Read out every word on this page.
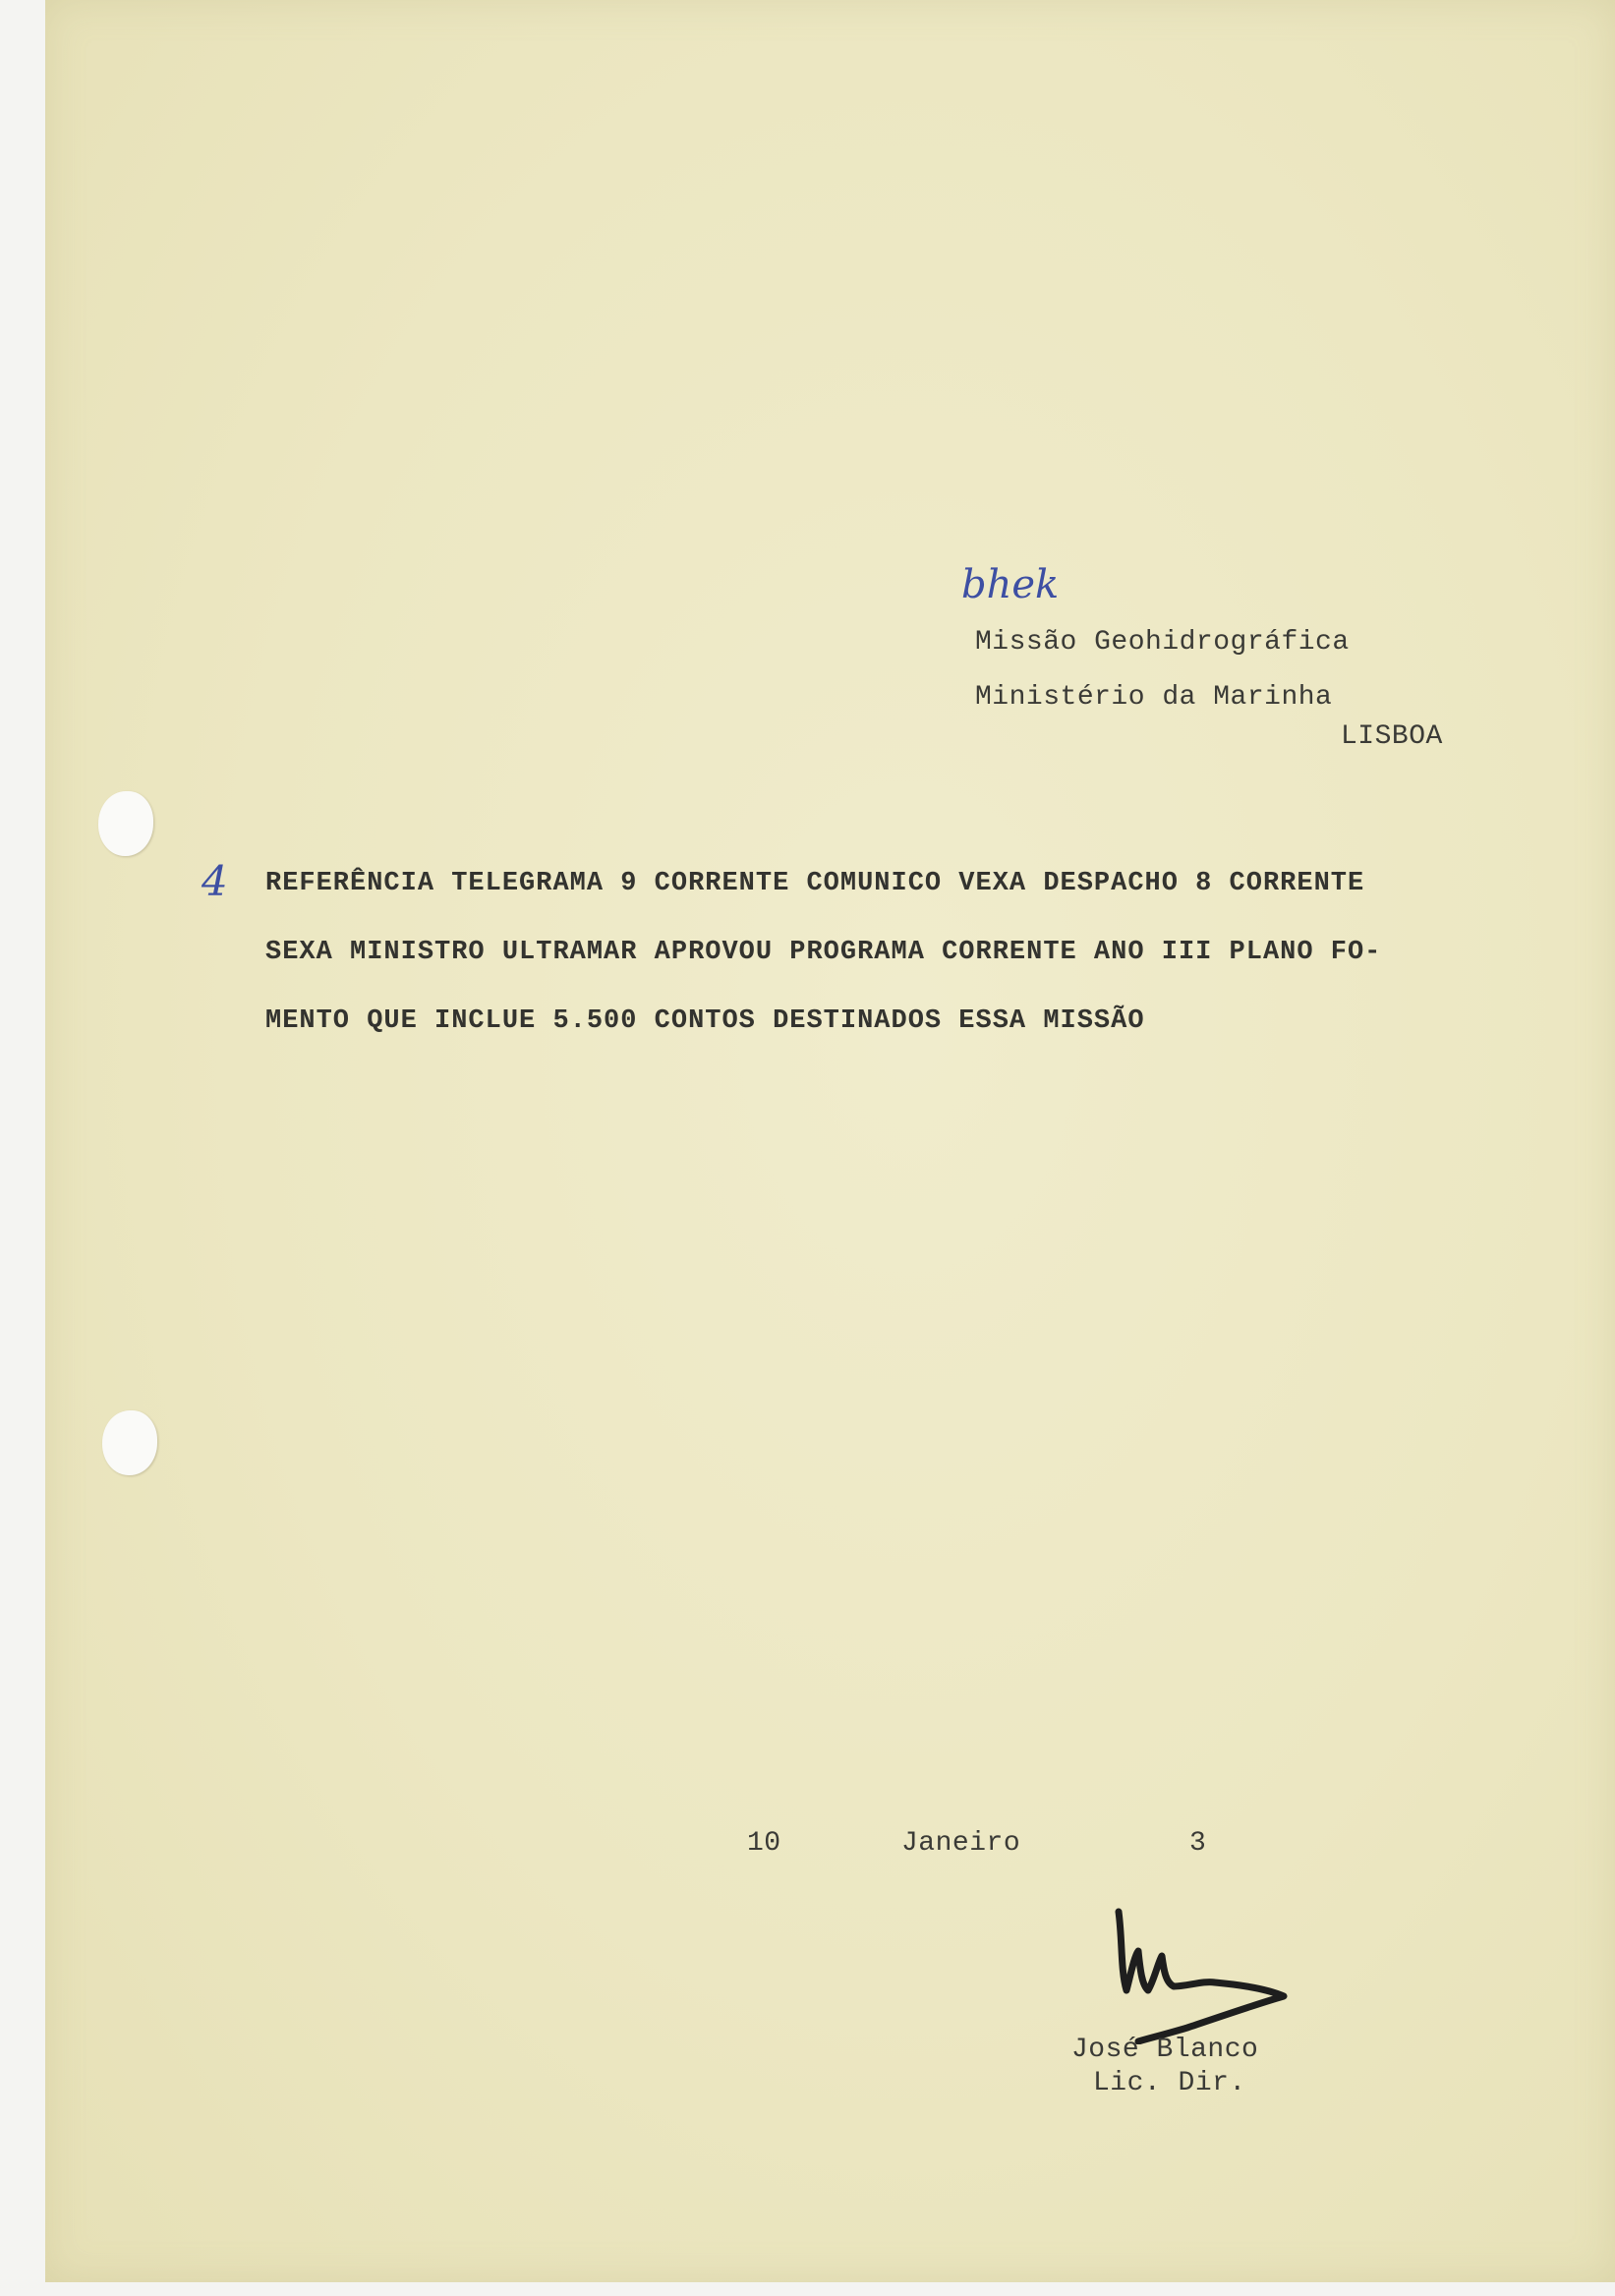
bhek
Missão Geohidrográfica
Ministério da Marinha
LISBOA
4 REFERÊNCIA TELEGRAMA 9 CORRENTE COMUNICO VEXA DESPACHO 8 CORRENTE
SEXA MINISTRO ULTRAMAR APROVOU PROGRAMA CORRENTE ANO III PLANO FO-
MENTO QUE INCLUE 5.500 CONTOS DESTINADOS ESSA MISSÃO
10	Janeiro	3
José Blanco
Lic. Dir.
